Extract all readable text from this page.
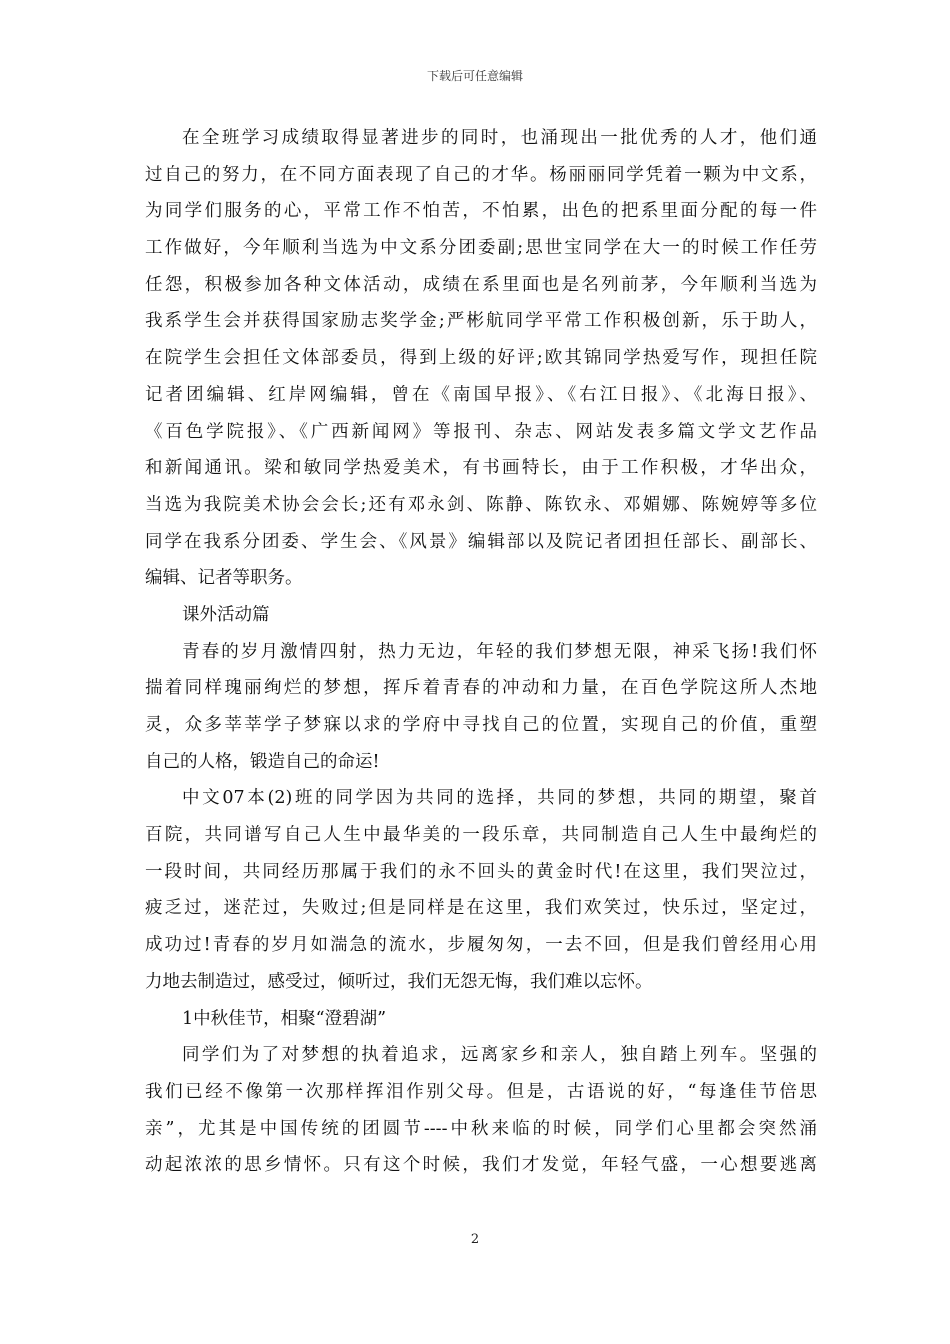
下载后可任意编辑
在全班学习成绩取得显著进步的同时，也涌现出一批优秀的人才，他们通
过自己的努力，在不同方面表现了自己的才华。杨丽丽同学凭着一颗为中文系，
为同学们服务的心，平常工作不怕苦，不怕累，出色的把系里面分配的每一件
工作做好，今年顺利当选为中文系分团委副;思世宝同学在大一的时候工作任劳
任怨，积极参加各种文体活动，成绩在系里面也是名列前茅，今年顺利当选为
我系学生会并获得国家励志奖学金;严彬航同学平常工作积极创新，乐于助人，
在院学生会担任文体部委员，得到上级的好评;欧其锦同学热爱写作，现担任院
记者团编辑、红岸网编辑，曾在《南国早报》、《右江日报》、《北海日报》、
《百色学院报》、《广西新闻网》等报刊、杂志、网站发表多篇文学文艺作品
和新闻通讯。梁和敏同学热爱美术，有书画特长，由于工作积极，才华出众，
当选为我院美术协会会长;还有邓永剑、陈静、陈钦永、邓媚娜、陈婉婷等多位
同学在我系分团委、学生会、《风景》编辑部以及院记者团担任部长、副部长、
编辑、记者等职务。
课外活动篇
青春的岁月激情四射，热力无边，年轻的我们梦想无限，神采飞扬!我们怀
揣着同样瑰丽绚烂的梦想，挥斥着青春的冲动和力量，在百色学院这所人杰地
灵，众多莘莘学子梦寐以求的学府中寻找自己的位置，实现自己的价值，重塑
自己的人格，锻造自己的命运!
中文07本(2)班的同学因为共同的选择，共同的梦想，共同的期望，聚首
百院，共同谱写自己人生中最华美的一段乐章，共同制造自己人生中最绚烂的
一段时间，共同经历那属于我们的永不回头的黄金时代!在这里，我们哭泣过，
疲乏过，迷茫过，失败过;但是同样是在这里，我们欢笑过，快乐过，坚定过，
成功过!青春的岁月如湍急的流水，步履匆匆，一去不回，但是我们曾经用心用
力地去制造过，感受过，倾听过，我们无怨无悔，我们难以忘怀。
1中秋佳节，相聚“澄碧湖”
同学们为了对梦想的执着追求，远离家乡和亲人，独自踏上列车。坚强的
我们已经不像第一次那样挥泪作别父母。但是，古语说的好，“每逢佳节倍思
亲”，尤其是中国传统的团圆节----中秋来临的时候，同学们心里都会突然涌
动起浓浓的思乡情怀。只有这个时候，我们才发觉，年轻气盛，一心想要逃离
2
